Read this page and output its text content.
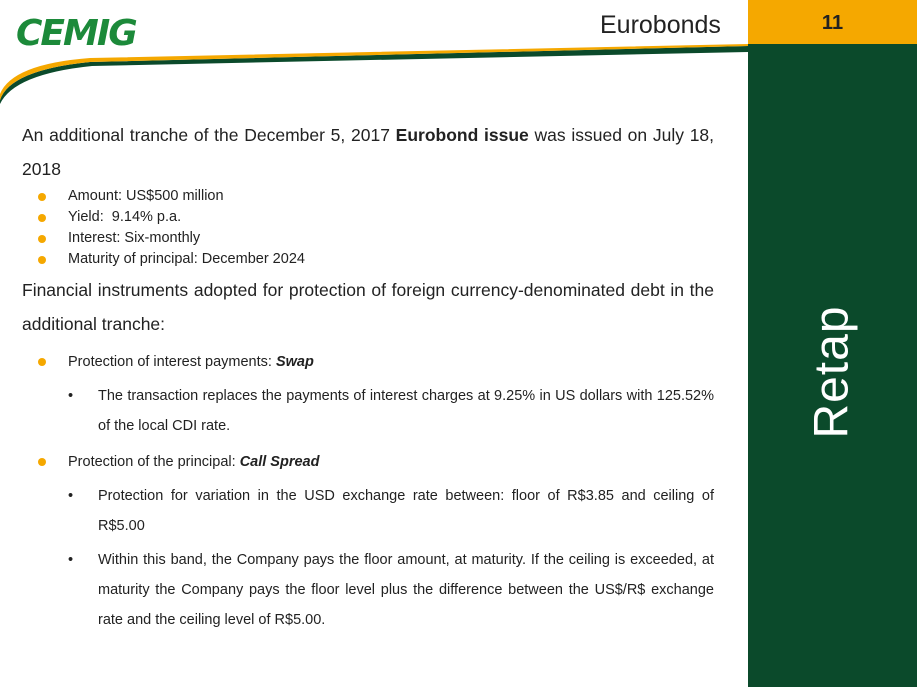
CEMIG	Eurobonds	11
Retap

An additional tranche of the December 5, 2017 Eurobond issue was issued on July 18, 2018

Amount: US$500 million

Yield:  9.14% p.a.

Interest: Six-monthly

Maturity of principal: December 2024

Financial instruments adopted for protection of foreign currency-denominated debt in the additional tranche:

Protection of interest payments: Swap

• The transaction replaces the payments of interest charges at 9.25% in US dollars with 125.52% of the local CDI rate.

Protection of the principal: Call Spread

• Protection for variation in the USD exchange rate between: floor of R$3.85 and ceiling of R$5.00

• Within this band, the Company pays the floor amount, at maturity. If the ceiling is exceeded, at maturity the Company pays the floor level plus the difference between the US$/R$ exchange rate and the ceiling level of R$5.00.
